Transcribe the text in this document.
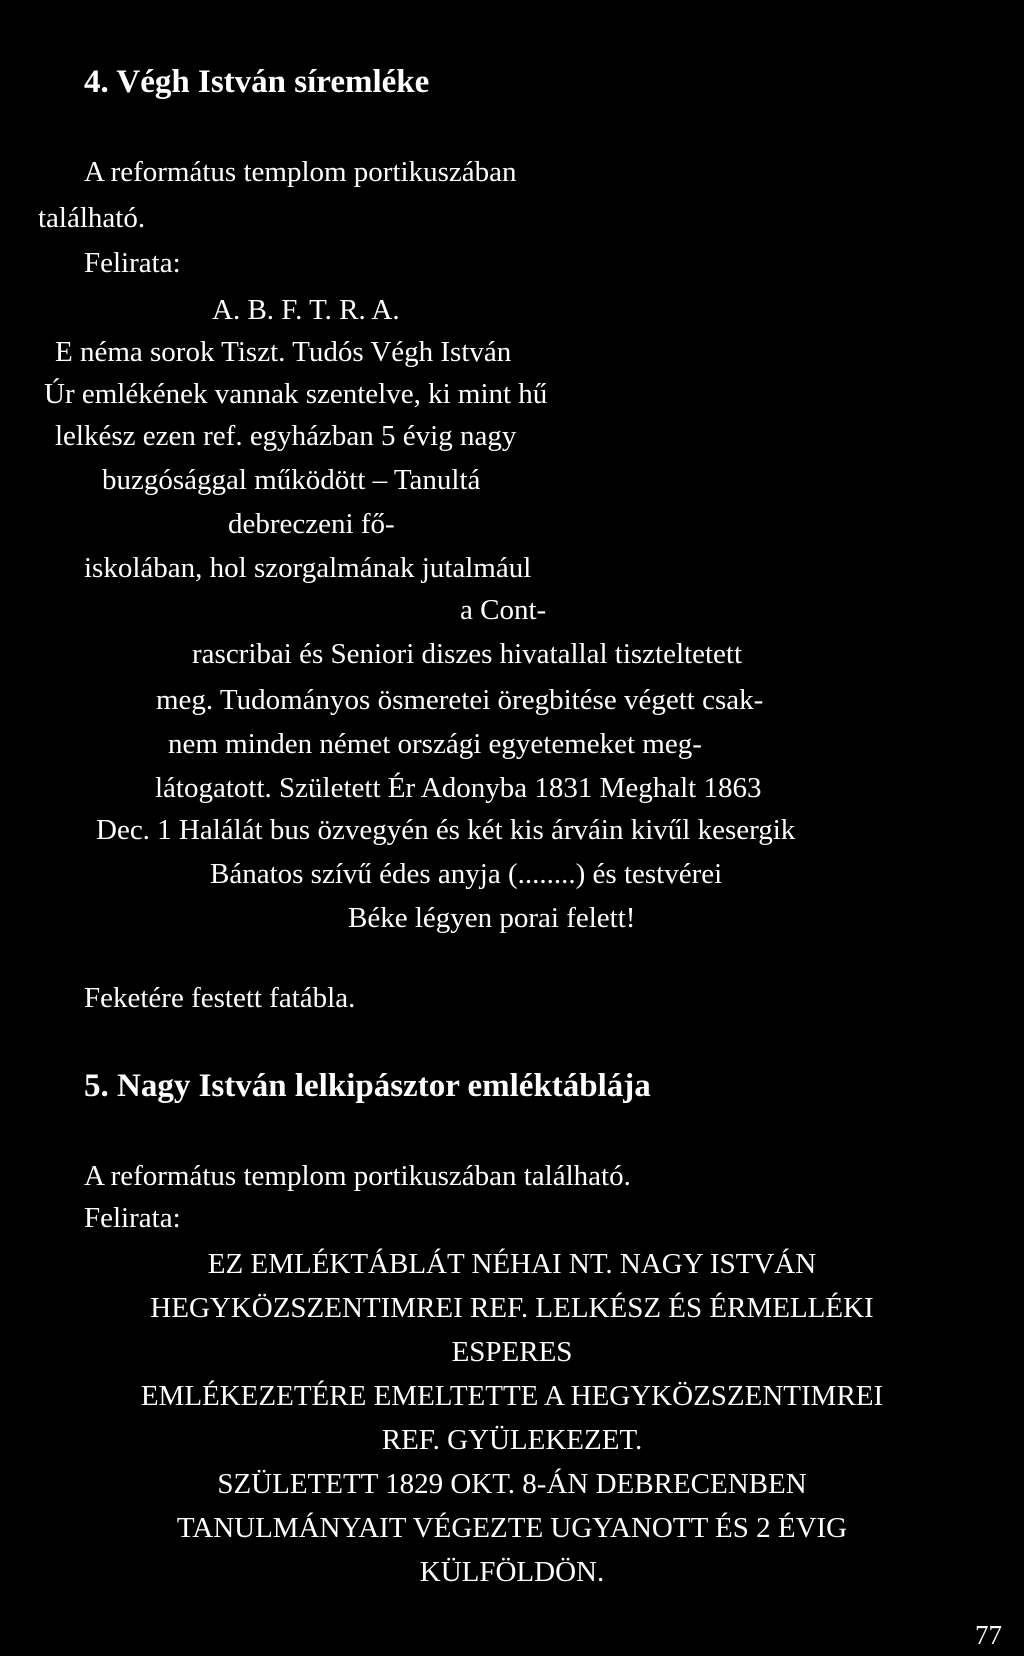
4. Végh István síremléke
A református templom portikuszában
található.
Felirata:
A. B. F. T. R. A.
E néma sorok Tiszt. Tudós Végh István
Úr emlékének vannak szentelve, ki mint hű
lelkész ezen ref. egyházban 5 évig nagy
buzgósággal működött – Tanultá
debreczeni fő-
iskolában, hol szorgalmának jutalmául
a Cont-
rascribai és Seniori diszes hivatallal tiszteltetett
meg. Tudományos ösmeretei öregbitése végett csak-
nem minden német országi egyetemeket meg-
látogatott. Született Ér Adonyba 1831 Meghalt 1863
Dec. 1 Halálát bus özvegyén és két kis árváin kivűl kesergik
Bánatos szívű édes anyja (........) és testvérei
Béke légyen porai felett!
Feketére festett fatábla.
5. Nagy István lelkipásztor emléktáblája
A református templom portikuszában található.
Felirata:
EZ EMLÉKTÁBLÁT NÉHAI NT. NAGY ISTVÁN
HEGYKÖZSZENTIMREI REF. LELKÉSZ ÉS ÉRMELLÉKI
ESPERES
EMLÉKEZETÉRE EMELTETTE A HEGYKÖZSZENTIMREI
REF. GYÜLEKEZET.
SZÜLETETT 1829 OKT. 8-ÁN DEBRECENBEN
TANULMÁNYAIT VÉGEZTE UGYANOTT ÉS 2 ÉVIG
KÜLFÖLDÖN.
77
